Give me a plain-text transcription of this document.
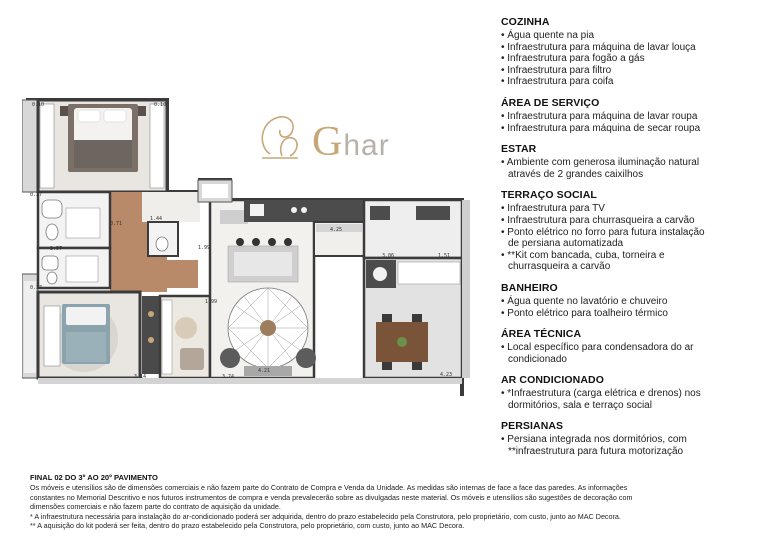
0.10	0.10
0.27
0.37
0.71
1.44
4.25
3.06	1.51
1.99
3.14	3.74
4.21
2.57	1.99
4.23
Ghar
COZINHA
• Água quente na pia
• Infraestrutura para máquina de lavar louça
• Infraestrutura para fogão a gás
• Infraestrutura para filtro
• Infraestrutura para coifa
ÁREA DE SERVIÇO
• Infraestrutura para máquina de lavar roupa
• Infraestrutura para máquina de secar roupa
ESTAR
• Ambiente com generosa iluminação natural
através de 2 grandes caixilhos
TERRAÇO SOCIAL
• Infraestrutura para TV
• Infraestrutura para churrasqueira a carvão
• Ponto elétrico no forro para futura instalação
de persiana automatizada
• **Kit com bancada, cuba, torneira e
churrasqueira a carvão
BANHEIRO
• Água quente no lavatório e chuveiro
• Ponto elétrico para toalheiro térmico
ÁREA TÉCNICA
• Local específico para condensadora do ar
condicionado
AR CONDICIONADO
• *Infraestrutura (carga elétrica e drenos) nos
dormitórios, sala e terraço social
PERSIANAS
• Persiana integrada nos dormitórios, com
**infraestrutura para futura motorização
FINAL 02 DO 3º AO 20º PAVIMENTO
Os móveis e utensílios são de dimensões comerciais e não fazem parte do Contrato de Compra e Venda da Unidade. As medidas são internas de face a face das paredes. As informações
constantes no Memorial Descritivo e nos futuros instrumentos de compra e venda prevalecerão sobre as divulgadas neste material. Os móveis e utensílios são sugestões de decoração com
dimensões comerciais e não fazem parte do contrato de aquisição da unidade.
* A infraestrutura necessária para instalação do ar-condicionado poderá ser adquirida, dentro do prazo estabelecido pela Construtora, pelo proprietário, com custo, junto ao MAC Decora.
** A aquisição do kit poderá ser feita, dentro do prazo estabelecido pela Construtora, pelo proprietário, com custo, junto ao MAC Decora.
